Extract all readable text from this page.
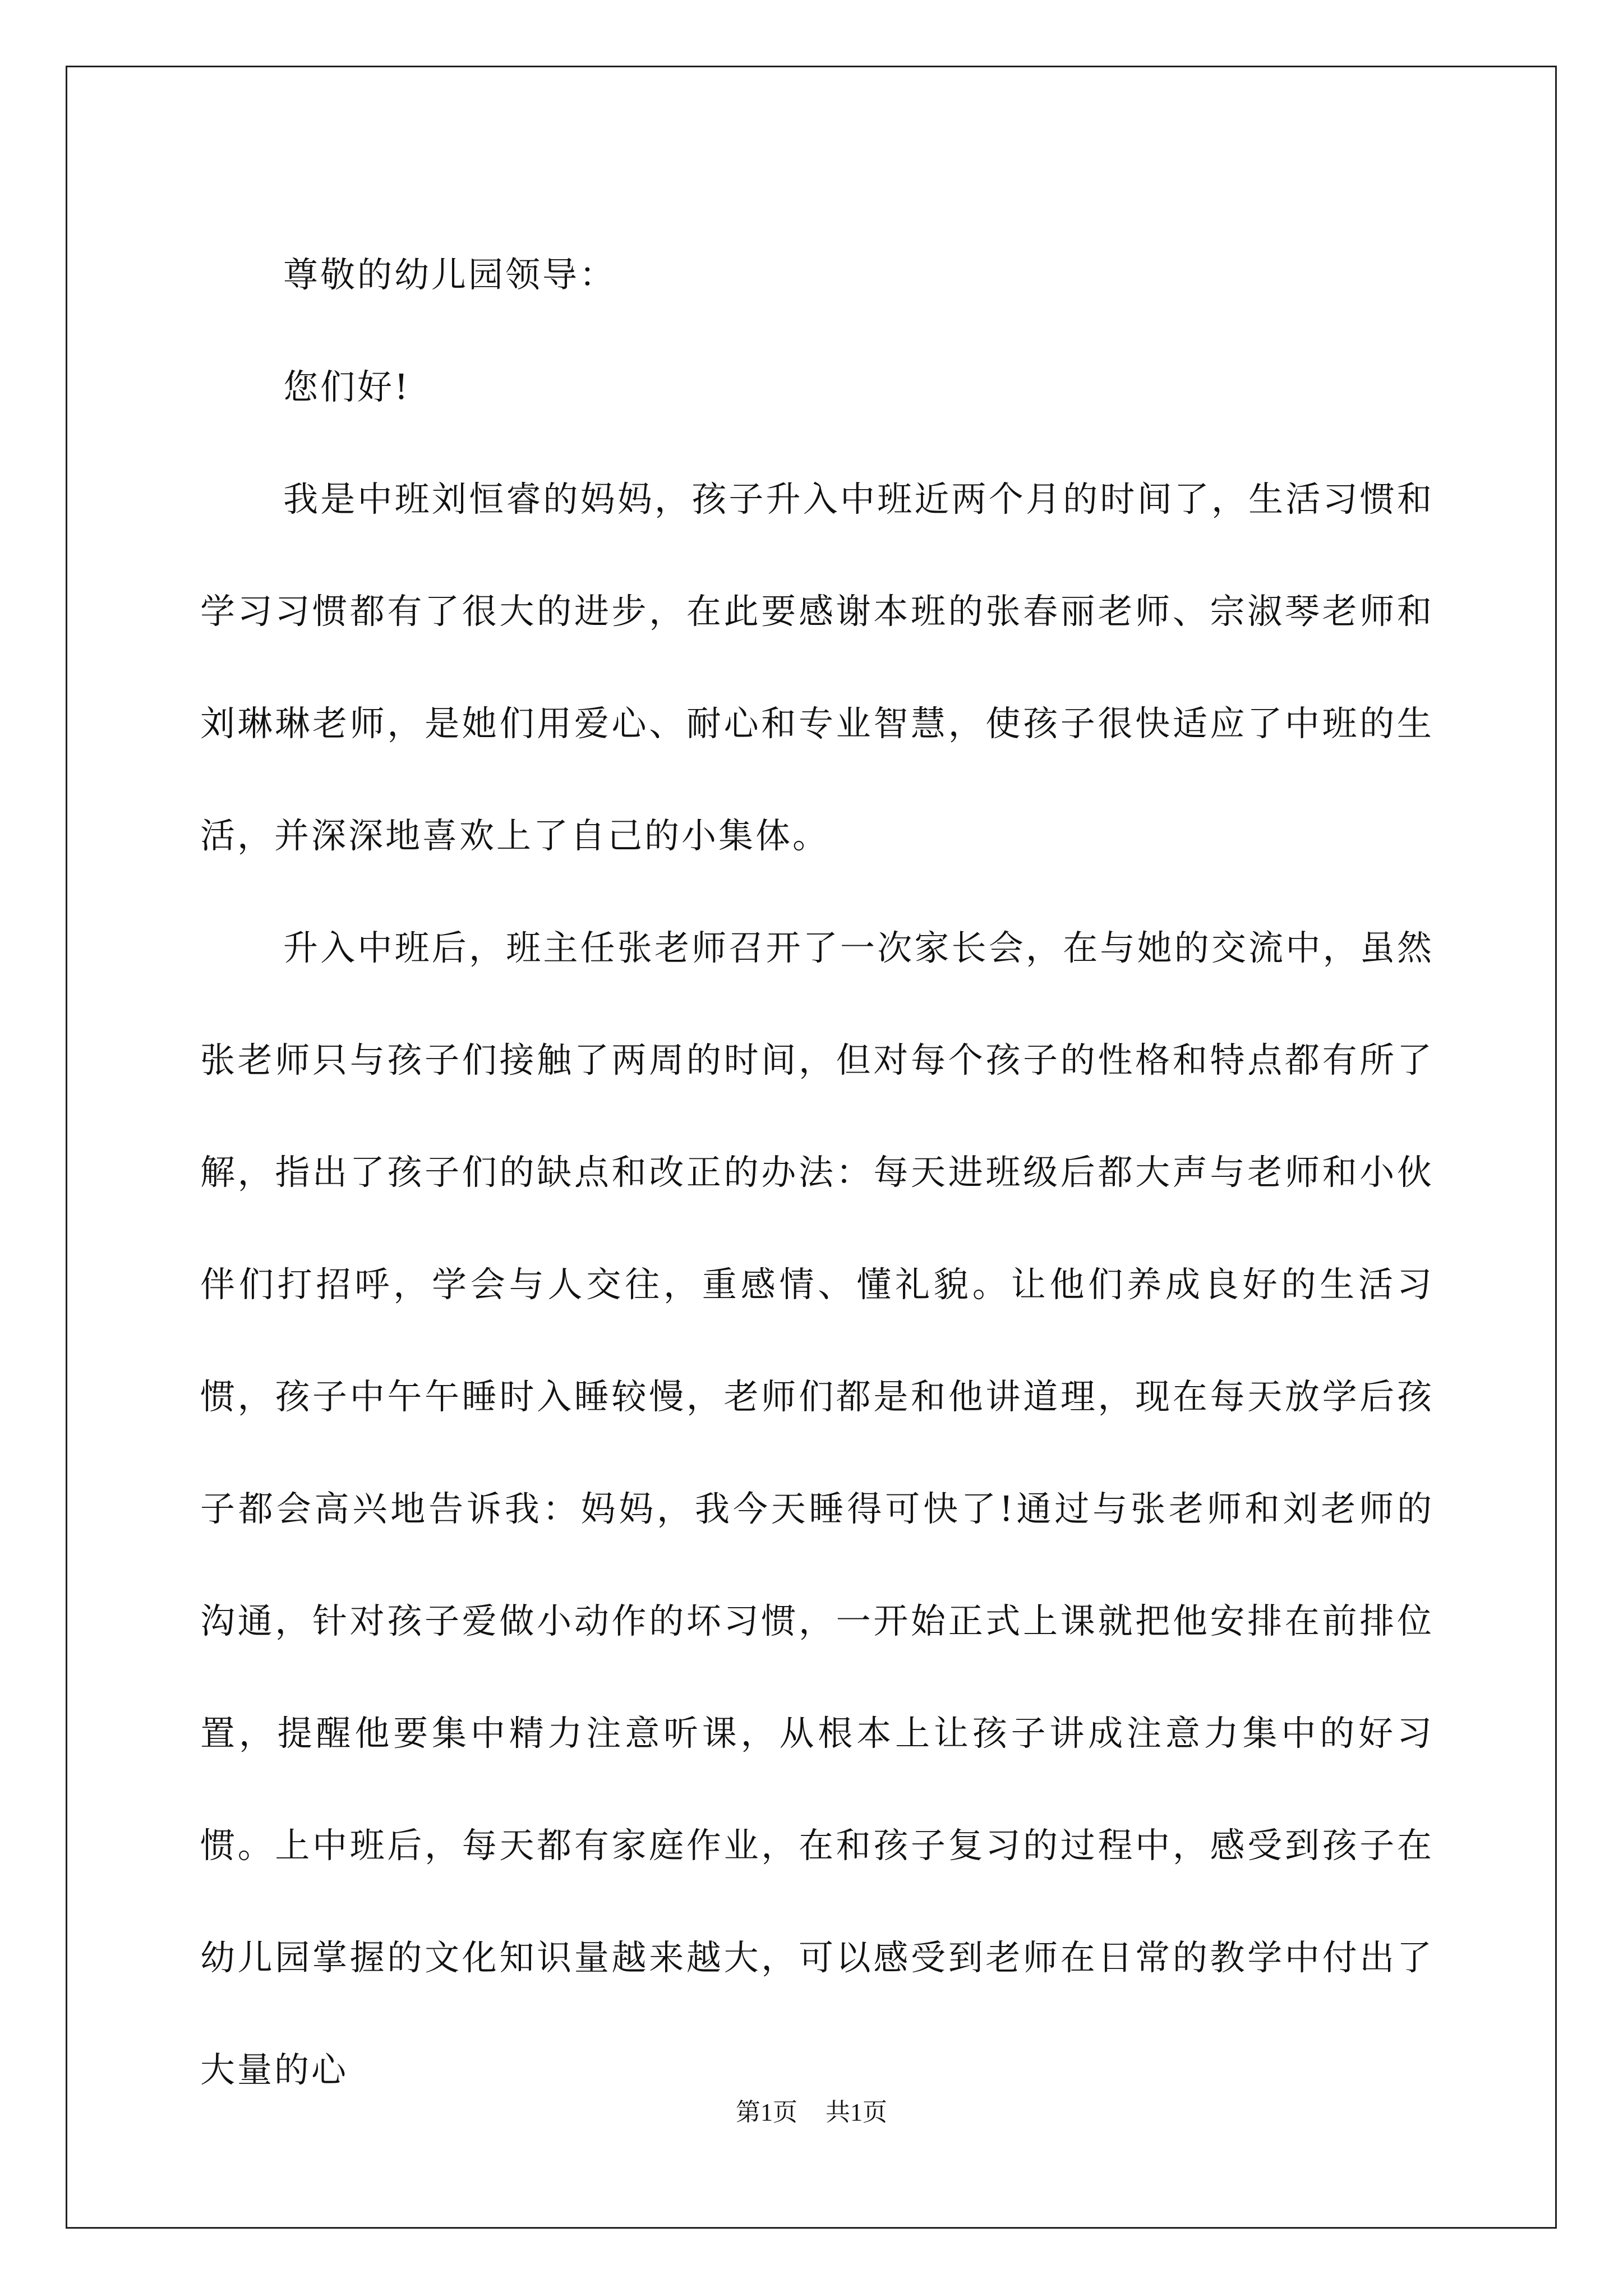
尊敬的幼儿园领导：

您们好!

我是中班刘恒睿的妈妈，孩子升入中班近两个月的时间了，生活习惯和学习习惯都有了很大的进步，在此要感谢本班的张春丽老师、宗淑琴老师和刘琳琳老师，是她们用爱心、耐心和专业智慧，使孩子很快适应了中班的生活，并深深地喜欢上了自己的小集体。

升入中班后，班主任张老师召开了一次家长会，在与她的交流中，虽然张老师只与孩子们接触了两周的时间，但对每个孩子的性格和特点都有所了解，指出了孩子们的缺点和改正的办法：每天进班级后都大声与老师和小伙伴们打招呼，学会与人交往，重感情、懂礼貌。让他们养成良好的生活习惯，孩子中午午睡时入睡较慢，老师们都是和他讲道理，现在每天放学后孩子都会高兴地告诉我：妈妈，我今天睡得可快了!通过与张老师和刘老师的沟通，针对孩子爱做小动作的坏习惯，一开始正式上课就把他安排在前排位置，提醒他要集中精力注意听课，从根本上让孩子讲成注意力集中的好习惯。上中班后，每天都有家庭作业，在和孩子复习的过程中，感受到孩子在幼儿园掌握的文化知识量越来越大，可以感受到老师在日常的教学中付出了大量的心

第1页 共1页
